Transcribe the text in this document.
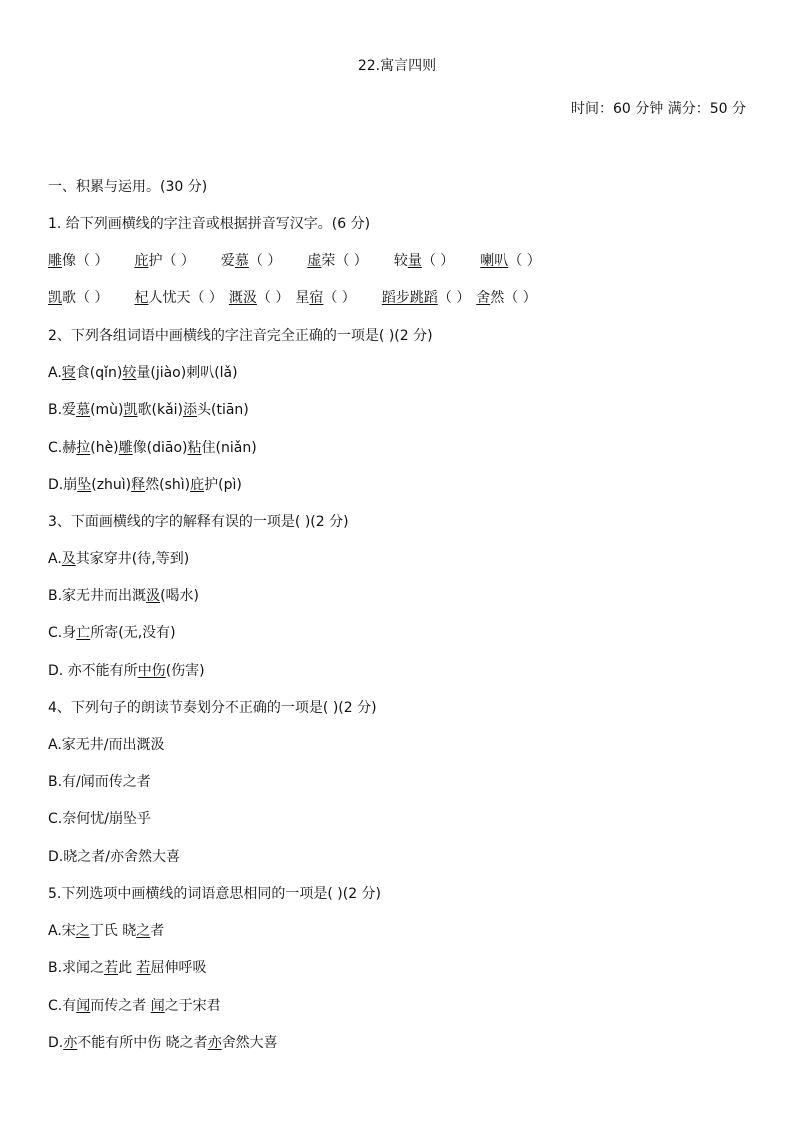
22.寓言四则
时间：60 分钟 满分：50 分
一、积累与运用。(30 分)
1. 给下列画横线的字注音或根据拼音写汉字。(6 分)
雕像（ ） 庇护（ ） 爱慕（ ） 虚荣（ ） 较量（ ） 喇叭（ ）
凯歌（ ） 杞人忧天（ ） 溉汲（ ） 星宿（ ） 蹈步跳蹈（ ） 舍然（ ）
2、下列各组词语中画横线的字注音完全正确的一项是( )(2 分)
A.寝食(qǐn)较量(jiào)刺叭(lǎ)
B.爱慕(mù)凯歌(kǎi)添头(tiān)
C.赫拉(hè)雕像(diāo)粘住(niǎn)
D.崩坠(zhuì)释然(shì)庇护(pì)
3、下面画横线的字的解释有误的一项是( )(2 分)
A.及其家穿井(待,等到)
B.家无井而出溉汲(喝水)
C.身亡所寄(无,没有)
D. 亦不能有所中伤(伤害)
4、下列句子的朗读节奏划分不正确的一项是( )(2 分)
A.家无井/而出溉汲
B.有/闻而传之者
C.奈何忧/崩坠乎
D.晓之者/亦舍然大喜
5.下列选项中画横线的词语意思相同的一项是( )(2 分)
A.宋之丁氏 晓之者
B.求闻之若此 若屈伸呼吸
C.有闻而传之者 闻之于宋君
D.亦不能有所中伤 晓之者亦舍然大喜
